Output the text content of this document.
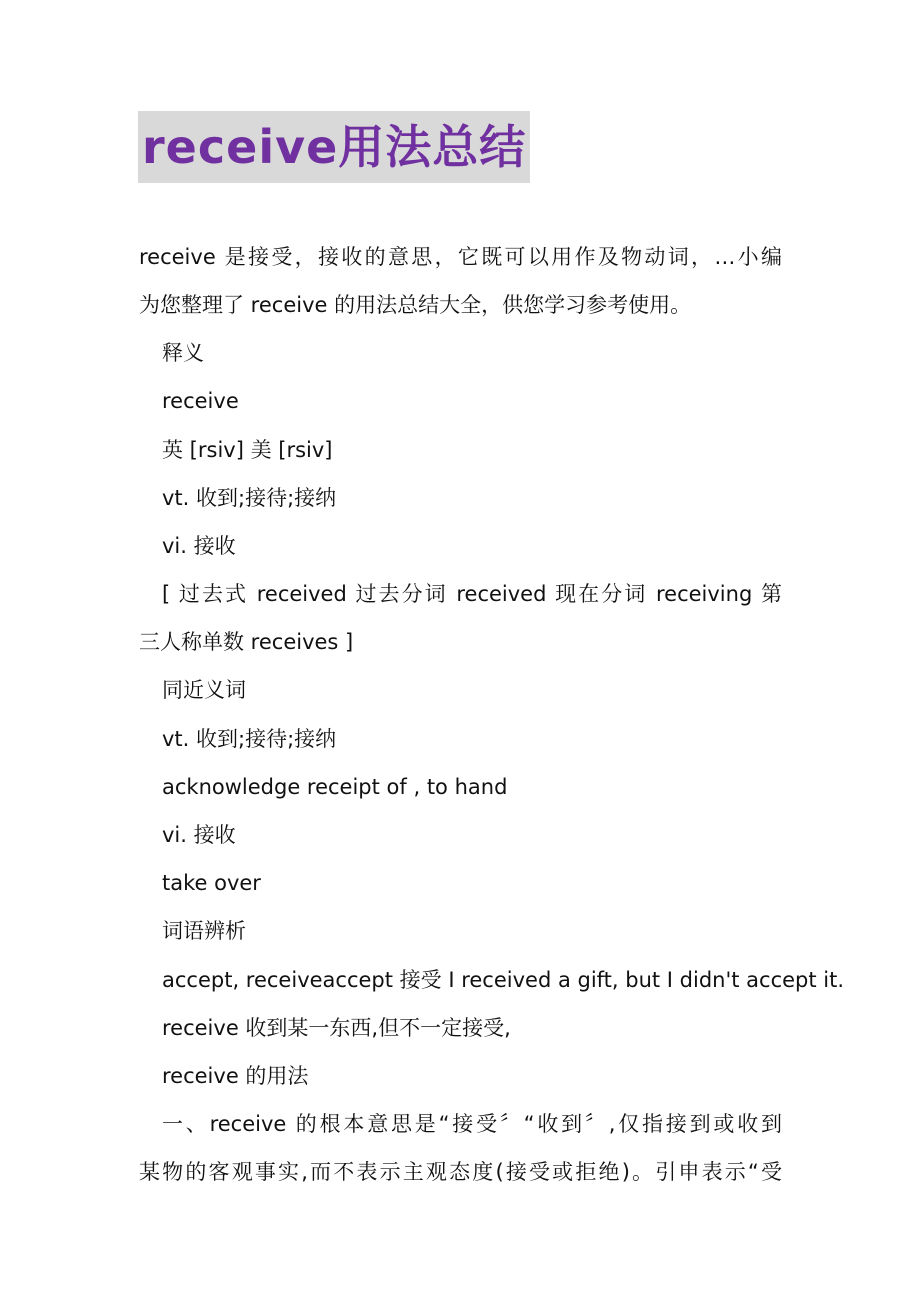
receive用法总结
receive 是接受，接收的意思，它既可以用作及物动词，…小编
为您整理了 receive 的用法总结大全，供您学习参考使用。
释义
receive
英 [rsiv] 美 [rsiv]
vt. 收到;接待;接纳
vi. 接收
[ 过去式 received 过去分词 received 现在分词 receiving 第
三人称单数 receives ]
同近义词
vt. 收到;接待;接纳
acknowledge receipt of , to hand
vi. 接收
take over
词语辨析
accept, receiveaccept 接受 I received a gift, but I didn't accept it.
receive 收到某一东西,但不一定接受,
receive 的用法
一、receive 的根本意思是“接受〞“收到〞,仅指接到或收到
某物的客观事实,而不表示主观态度(接受或拒绝)。引申表示“受
